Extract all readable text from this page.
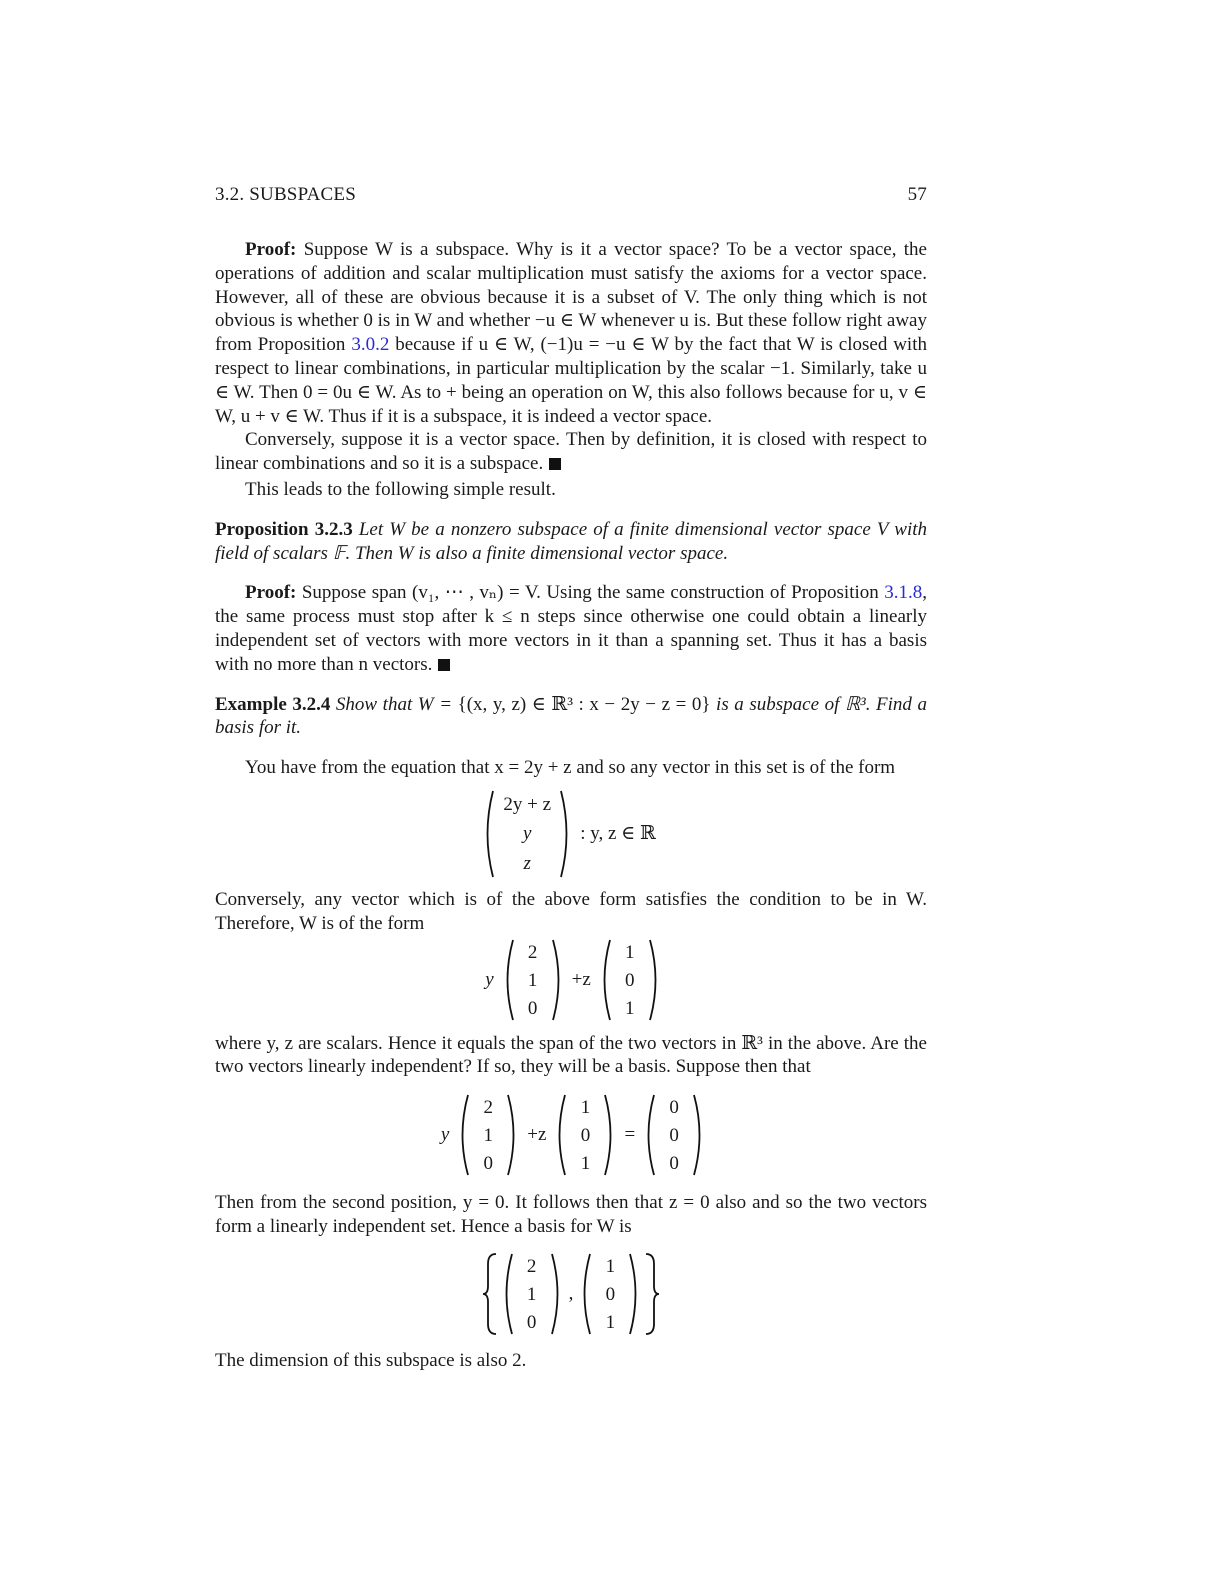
3.2. SUBSPACES	57

Proof: Suppose W is a subspace. Why is it a vector space? To be a vector space, the operations of addition and scalar multiplication must satisfy the axioms for a vector space. However, all of these are obvious because it is a subset of V. The only thing which is not obvious is whether 0 is in W and whether −u ∈ W whenever u is. But these follow right away from Proposition 3.0.2 because if u ∈ W, (−1)u = −u ∈ W by the fact that W is closed with respect to linear combinations, in particular multiplication by the scalar −1. Similarly, take u ∈ W. Then 0 = 0u ∈ W. As to + being an operation on W, this also follows because for u, v ∈ W, u + v ∈ W. Thus if it is a subspace, it is indeed a vector space.

Conversely, suppose it is a vector space. Then by definition, it is closed with respect to linear combinations and so it is a subspace.

This leads to the following simple result.

Proposition 3.2.3 Let W be a nonzero subspace of a finite dimensional vector space V with field of scalars 𝔽. Then W is also a finite dimensional vector space.

Proof: Suppose span (v₁, ⋯ , vₙ) = V. Using the same construction of Proposition 3.1.8, the same process must stop after k ≤ n steps since otherwise one could obtain a linearly independent set of vectors with more vectors in it than a spanning set. Thus it has a basis with no more than n vectors.

Example 3.2.4 Show that W = {(x, y, z) ∈ ℝ³ : x − 2y − z = 0} is a subspace of ℝ³. Find a basis for it.

You have from the equation that x = 2y + z and so any vector in this set is of the form

2y + z
y
z
: y, z ∈ ℝ

Conversely, any vector which is of the above form satisfies the condition to be in W. Therefore, W is of the form

y
2
1
0
+z
1
0
1

where y, z are scalars. Hence it equals the span of the two vectors in ℝ³ in the above. Are the two vectors linearly independent? If so, they will be a basis. Suppose then that

y
2
1
0
+z
1
0
1
=
0
0
0

Then from the second position, y = 0. It follows then that z = 0 also and so the two vectors form a linearly independent set. Hence a basis for W is

2
1
0
,
1
0
1

The dimension of this subspace is also 2.
